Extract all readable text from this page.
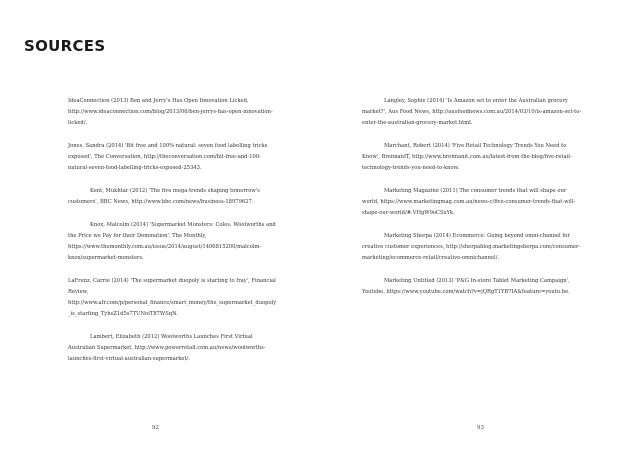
SOURCES

IdeaConnection (2013) Ben and Jerry's Has Open Innovation Licked, http://www.ideaconnection.com/blog/2013/06/ben-jerrys-has-open-innovation-licked/.

Jones, Sandra (2014) 'Bit free and 100% natural: seven food labelling tricks exposed', The Conversation, http://theconversation.com/bit-free-and-100-natural-seven-food-labelling-tricks-exposed-25343.

Kent, Mukhtar (2012) 'The five mega-trends shaping tomorrow's customers', BBC News, http://www.bbc.com/news/business-18979627.

Knox, Malcolm (2014) 'Supermarket Monsters: Coles, Woolworths and the Price we Pay for their Domination', The Monthly, https://www.themonthly.com.au/issue/2014/august/1406815200/malcolm-knox/supermarket-monsters.

LaFrenz, Carrie (2014) 'The supermarket duopoly is starting to fray', Financial Review, http://www.afr.com/p/personal_finance/smart_money/the_supermarket_duopoly_is_starting_TyhsZ1d5s7TUNoiT87WSqN.

Lambert, Elizabeth (2012) Woolworths Launches First Virtual Australian Supermarket, http://www.powerretail.com.au/news/woolworths-launches-first-virtual-australian-supermarket/.

Langley, Sophie (2014) 'Is Amazon set to enter the Australian grocery market?', Aus Food News, http://ausfoodnews.com.au/2014/03/10/is-amazon-set-to-enter-the-australian-grocery-market.html.

Marchant, Robert (2014) 'Five Retail Technology Trends You Need to Know', BrennanIT, http://www.brennanit.com.au/latest-from-the-blog/five-retail-technology-trends-you-need-to-know.

Marketing Magazine (2011) The consumer trends that will shape our world, https://www.marketingmag.com.au/news-c/five-consumer-trends-that-will-shape-our-world/#.VHgW9oCSxYk.

Marketing Sherpa (2014) Ecommerce: Going beyond omni-channel for creative customer experiences, http://sherpablog.marketingsherpa.com/consumer-marketing/ecommerce-retail/creative-omnichannel/.

Marketing Untitled (2013) 'P&G In-store Tablet Marketing Campaign', Youtube, https://www.youtube.com/watch?v=jQRgT1YB7IA&feature=youtu.be.

92	93
